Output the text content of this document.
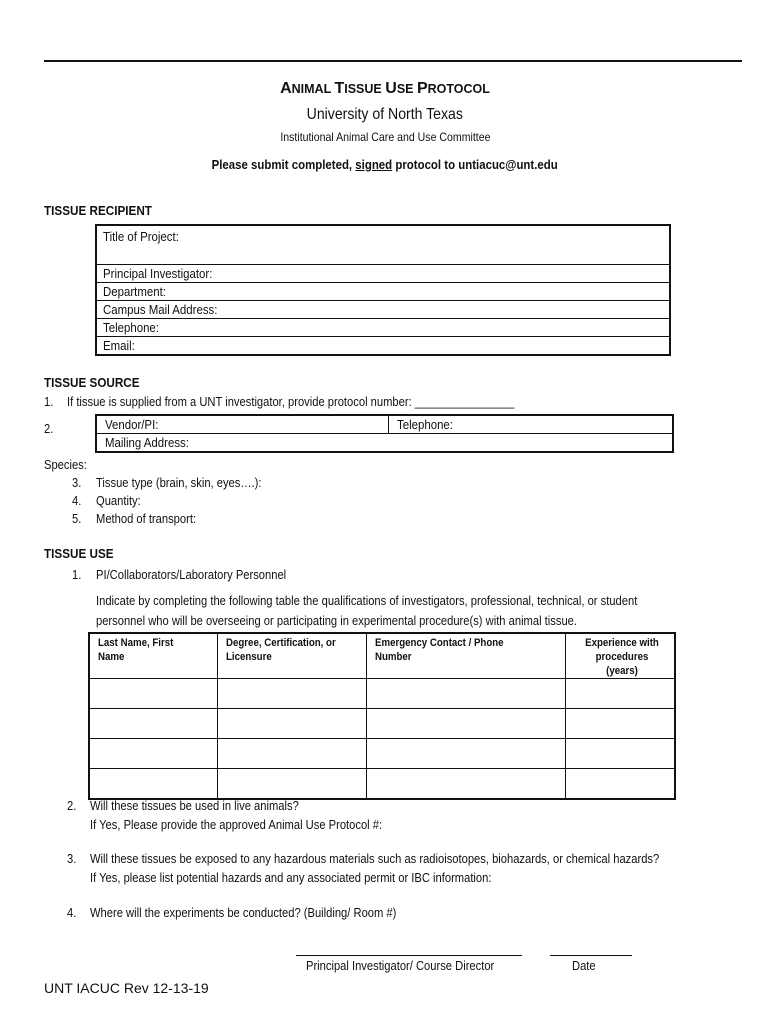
ANIMAL TISSUE USE PROTOCOL
University of North Texas
Institutional Animal Care and Use Committee
Please submit completed, signed protocol to untiacuc@unt.edu
TISSUE RECIPIENT
Title of Project:
Principal Investigator:
Department:
Campus Mail Address:
Telephone:
Email:
TISSUE SOURCE
1. If tissue is supplied from a UNT investigator, provide protocol number: ________________
2.	Vendor/PI:	Telephone:
Mailing Address:
Species:
3. Tissue type (brain, skin, eyes….):
4. Quantity:
5. Method of transport:
TISSUE USE
1. PI/Collaborators/Laboratory Personnel
Indicate by completing the following table the qualifications of investigators, professional, technical, or student
personnel who will be overseeing or participating in experimental procedure(s) with animal tissue.
Last Name, First Name	Degree, Certification, or Licensure	Emergency Contact / Phone Number	Experience with procedures (years)

2. Will these tissues be used in live animals?
If Yes, Please provide the approved Animal Use Protocol #:
3. Will these tissues be exposed to any hazardous materials such as radioisotopes, biohazards, or chemical hazards?
If Yes, please list potential hazards and any associated permit or IBC information:
4. Where will the experiments be conducted? (Building/ Room #)
Principal Investigator/ Course Director	Date
UNT IACUC Rev 12-13-19
